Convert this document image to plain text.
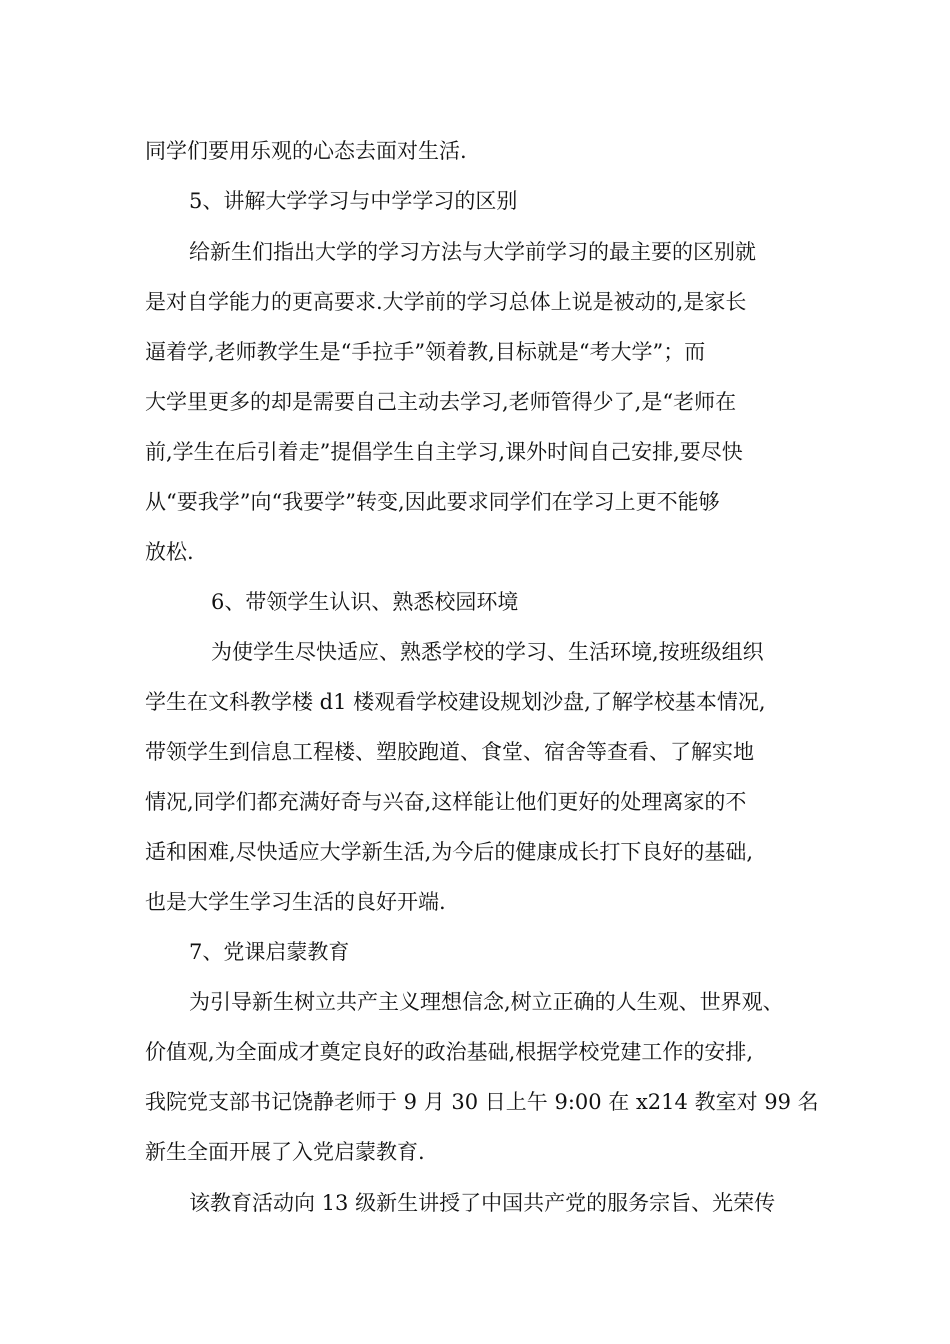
同学们要用乐观的心态去面对生活.
5、讲解大学学习与中学学习的区别
给新生们指出大学的学习方法与大学前学习的最主要的区别就
是对自学能力的更高要求.大学前的学习总体上说是被动的,是家长
逼着学,老师教学生是“手拉手”领着教,目标就是“考大学”；而
大学里更多的却是需要自己主动去学习,老师管得少了,是“老师在
前,学生在后引着走”提倡学生自主学习,课外时间自己安排,要尽快
从“要我学”向“我要学”转变,因此要求同学们在学习上更不能够
放松.
6、带领学生认识、熟悉校园环境
为使学生尽快适应、熟悉学校的学习、生活环境,按班级组织
学生在文科教学楼 d1 楼观看学校建设规划沙盘,了解学校基本情况,
带领学生到信息工程楼、塑胶跑道、食堂、宿舍等查看、了解实地
情况,同学们都充满好奇与兴奋,这样能让他们更好的处理离家的不
适和困难,尽快适应大学新生活,为今后的健康成长打下良好的基础,
也是大学生学习生活的良好开端.
7、党课启蒙教育
为引导新生树立共产主义理想信念,树立正确的人生观、世界观、
价值观,为全面成才奠定良好的政治基础,根据学校党建工作的安排,
我院党支部书记饶静老师于 9 月 30 日上午 9:00 在 x214 教室对 99 名
新生全面开展了入党启蒙教育.
该教育活动向 13 级新生讲授了中国共产党的服务宗旨、光荣传
